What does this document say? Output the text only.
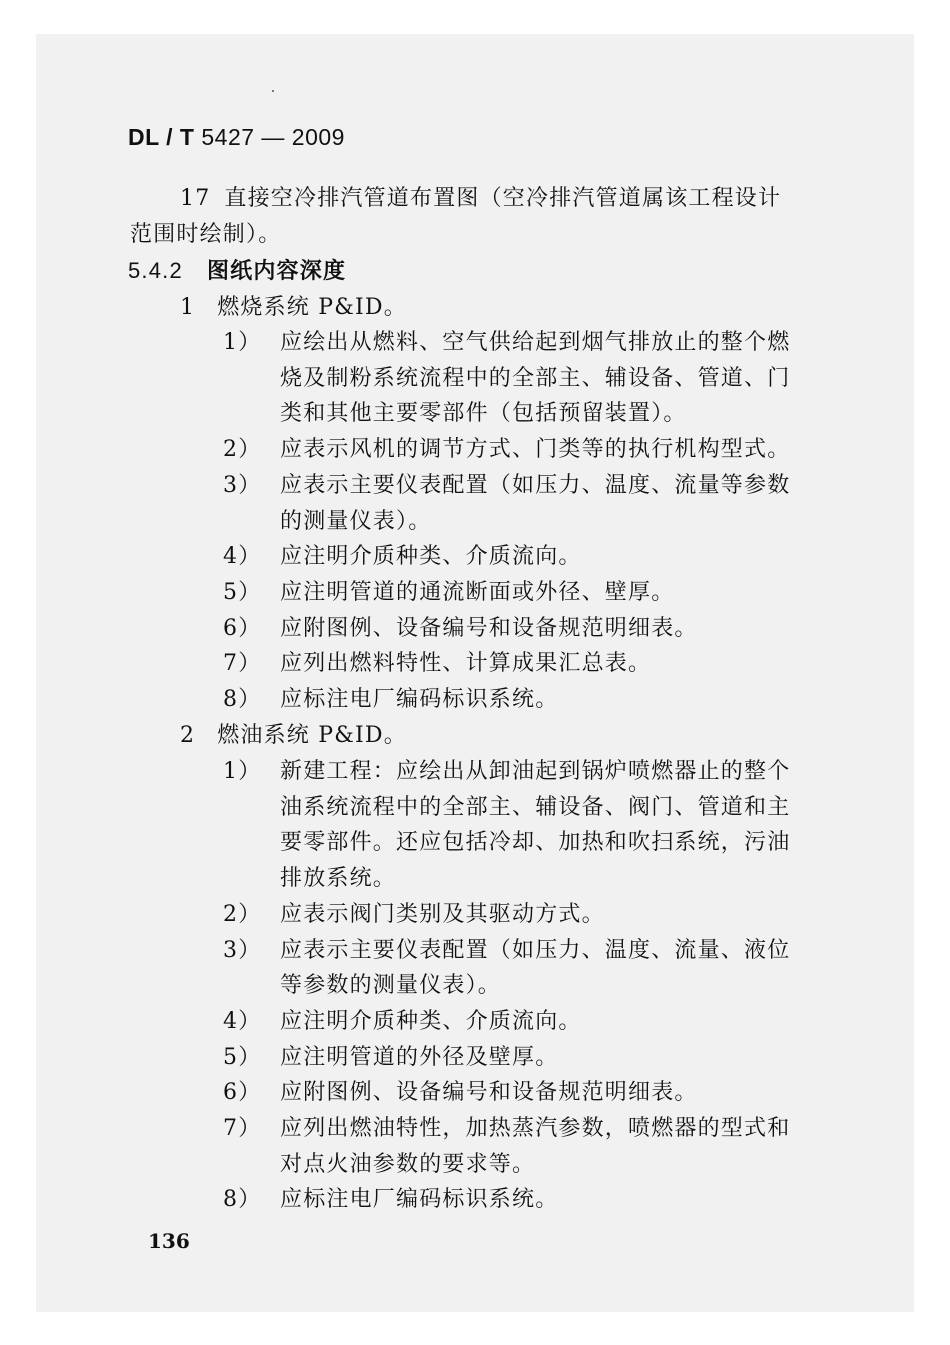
DL / T 5427 — 2009
17 直接空冷排汽管道布置图（空冷排汽管道属该工程设计
范围时绘制）。
5.4.2 图纸内容深度
1 燃烧系统 P&ID。
1） 应绘出从燃料、空气供给起到烟气排放止的整个燃
烧及制粉系统流程中的全部主、辅设备、管道、门
类和其他主要零部件（包括预留装置）。
2） 应表示风机的调节方式、门类等的执行机构型式。
3） 应表示主要仪表配置（如压力、温度、流量等参数
的测量仪表）。
4） 应注明介质种类、介质流向。
5） 应注明管道的通流断面或外径、壁厚。
6） 应附图例、设备编号和设备规范明细表。
7） 应列出燃料特性、计算成果汇总表。
8） 应标注电厂编码标识系统。
2 燃油系统 P&ID。
1） 新建工程：应绘出从卸油起到锅炉喷燃器止的整个
油系统流程中的全部主、辅设备、阀门、管道和主
要零部件。还应包括冷却、加热和吹扫系统，污油
排放系统。
2） 应表示阀门类别及其驱动方式。
3） 应表示主要仪表配置（如压力、温度、流量、液位
等参数的测量仪表）。
4） 应注明介质种类、介质流向。
5） 应注明管道的外径及壁厚。
6） 应附图例、设备编号和设备规范明细表。
7） 应列出燃油特性，加热蒸汽参数，喷燃器的型式和
对点火油参数的要求等。
8） 应标注电厂编码标识系统。
136
